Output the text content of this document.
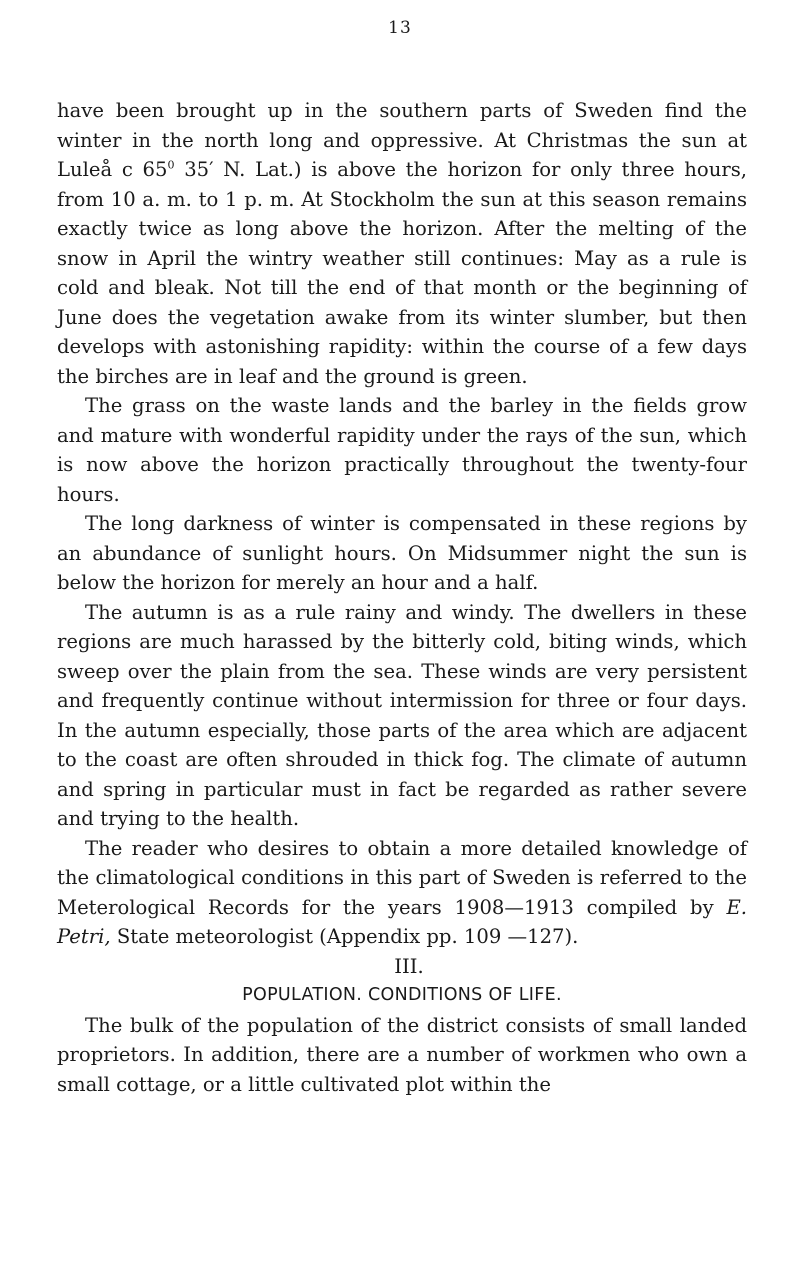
13

have been brought up in the southern parts of Sweden find the winter in the north long and oppressive. At Christmas the sun at Luleå c $65^0$ 35′ N. Lat.) is above the horizon for only three hours, from 10 a. m. to 1 p. m. At Stockholm the sun at this season remains exactly twice as long above the horizon. After the melting of the snow in April the wintry weather still continues: May as a rule is cold and bleak. Not till the end of that month or the beginning of June does the vegetation awake from its winter slumber, but then develops with astonishing rapidity: within the course of a few days the birches are in leaf and the ground is green.

The grass on the waste lands and the barley in the fields grow and mature with wonderful rapidity under the rays of the sun, which is now above the horizon practically throughout the twenty-four hours.

The long darkness of winter is compensated in these regions by an abundance of sunlight hours. On Midsummer night the sun is below the horizon for merely an hour and a half.

The autumn is as a rule rainy and windy. The dwellers in these regions are much harassed by the bitterly cold, biting winds, which sweep over the plain from the sea. These winds are very persistent and frequently continue without intermission for three or four days. In the autumn especially, those parts of the area which are adjacent to the coast are often shrouded in thick fog. The climate of autumn and spring in particular must in fact be regarded as rather severe and trying to the health.

The reader who desires to obtain a more detailed knowledge of the climatological conditions in this part of Sweden is referred to the Meterological Records for the years 1908—1913 compiled by E. Petri, State meteorologist (Appendix pp. 109 —127).

III.
POPULATION. CONDITIONS OF LIFE.

The bulk of the population of the district consists of small landed proprietors. In addition, there are a number of workmen who own a small cottage, or a little cultivated plot within the
